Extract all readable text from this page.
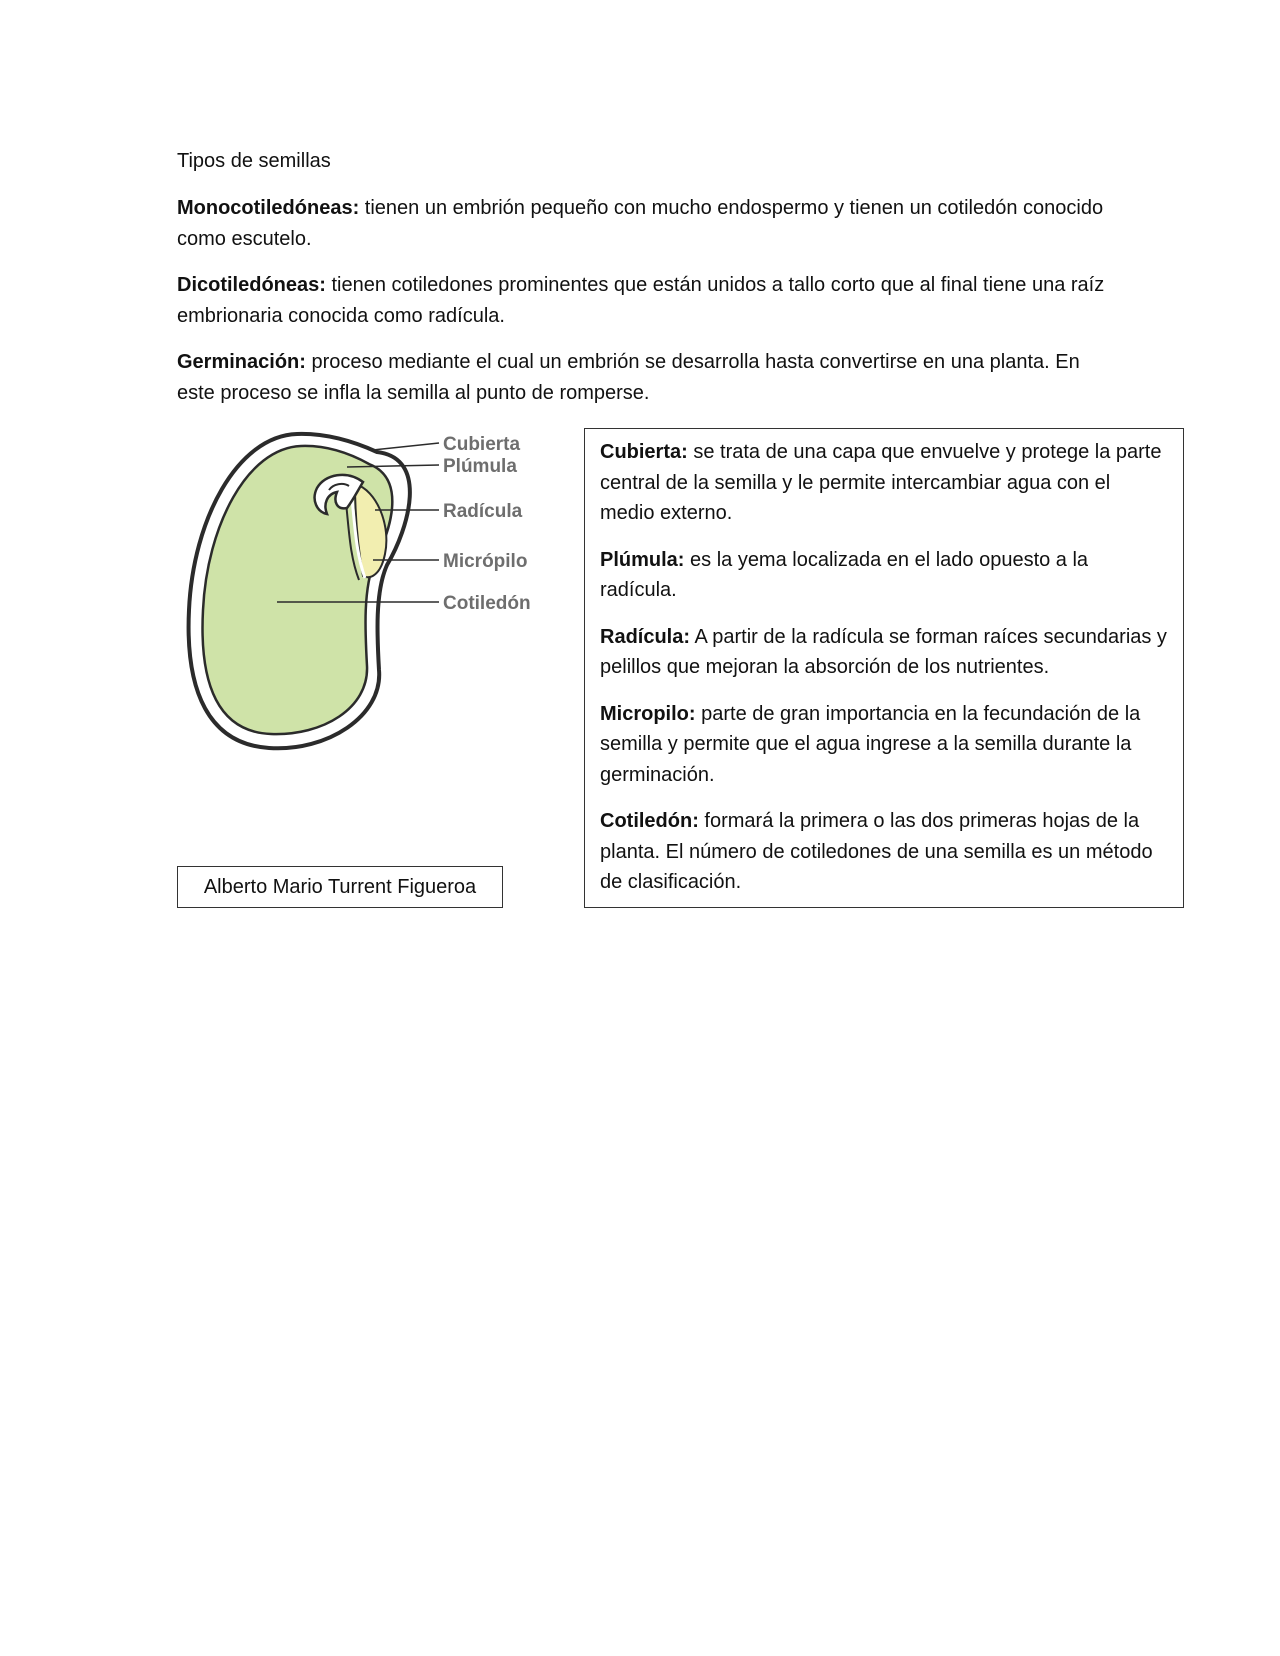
Tipos de semillas
Monocotiledóneas: tienen un embrión pequeño con mucho endospermo y tienen un cotiledón conocido como escutelo.
Dicotiledóneas: tienen cotiledones prominentes que están unidos a tallo corto que al final tiene una raíz embrionaria conocida como radícula.
Germinación: proceso mediante el cual un embrión se desarrolla hasta convertirse en una planta. En este proceso se infla la semilla al punto de romperse.
Cubierta
Plúmula
Radícula
Micrópilo
Cotiledón
Alberto Mario Turrent Figueroa

Cubierta: se trata de una capa que envuelve y protege la parte central de la semilla y le permite intercambiar agua con el medio externo.

Plúmula: es la yema localizada en el lado opuesto a la radícula.

Radícula: A partir de la radícula se forman raíces secundarias y pelillos que mejoran la absorción de los nutrientes.

Micropilo: parte de gran importancia en la fecundación de la semilla y permite que el agua ingrese a la semilla durante la germinación.

Cotiledón: formará la primera o las dos primeras hojas de la planta. El número de cotiledones de una semilla es un método de clasificación.
